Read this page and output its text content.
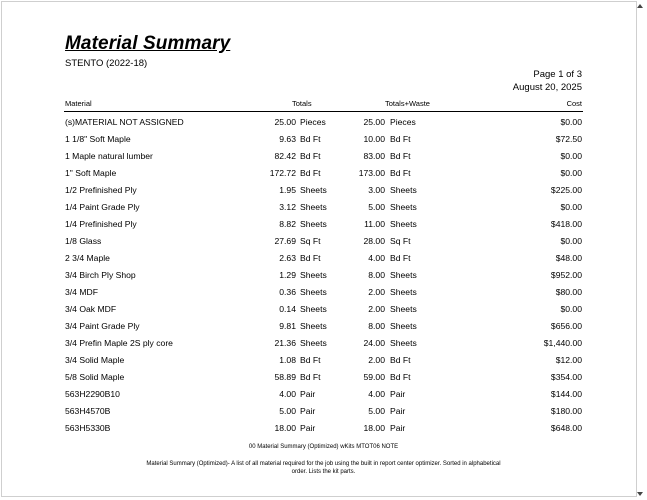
Material Summary
STENTO (2022-18)
Page 1 of 3
August 20, 2025
Material	Totals	Totals+Waste	Cost
(s)MATERIAL NOT ASSIGNED	25.00 Pieces	25.00 Pieces	$0.00
1 1/8" Soft Maple	9.63 Bd Ft	10.00 Bd Ft	$72.50
1 Maple natural lumber	82.42 Bd Ft	83.00 Bd Ft	$0.00
1" Soft Maple	172.72 Bd Ft	173.00 Bd Ft	$0.00
1/2 Prefinished Ply	1.95 Sheets	3.00 Sheets	$225.00
1/4 Paint Grade Ply	3.12 Sheets	5.00 Sheets	$0.00
1/4 Prefinished Ply	8.82 Sheets	11.00 Sheets	$418.00
1/8 Glass	27.69 Sq Ft	28.00 Sq Ft	$0.00
2 3/4 Maple	2.63 Bd Ft	4.00 Bd Ft	$48.00
3/4 Birch Ply Shop	1.29 Sheets	8.00 Sheets	$952.00
3/4 MDF	0.36 Sheets	2.00 Sheets	$80.00
3/4 Oak MDF	0.14 Sheets	2.00 Sheets	$0.00
3/4 Paint Grade Ply	9.81 Sheets	8.00 Sheets	$656.00
3/4 Prefin Maple 2S ply core	21.36 Sheets	24.00 Sheets	$1,440.00
3/4 Solid Maple	1.08 Bd Ft	2.00 Bd Ft	$12.00
5/8 Solid Maple	58.89 Bd Ft	59.00 Bd Ft	$354.00
563H2290B10	4.00 Pair	4.00 Pair	$144.00
563H4570B	5.00 Pair	5.00 Pair	$180.00
563H5330B	18.00 Pair	18.00 Pair	$648.00
00 Material Summary (Optimized) wKits MTOT06 NOTE
Material Summary (Optimized)- A list of all material required for the job using the built in report center optimizer. Sorted in alphabetical order. Lists the kit parts.
